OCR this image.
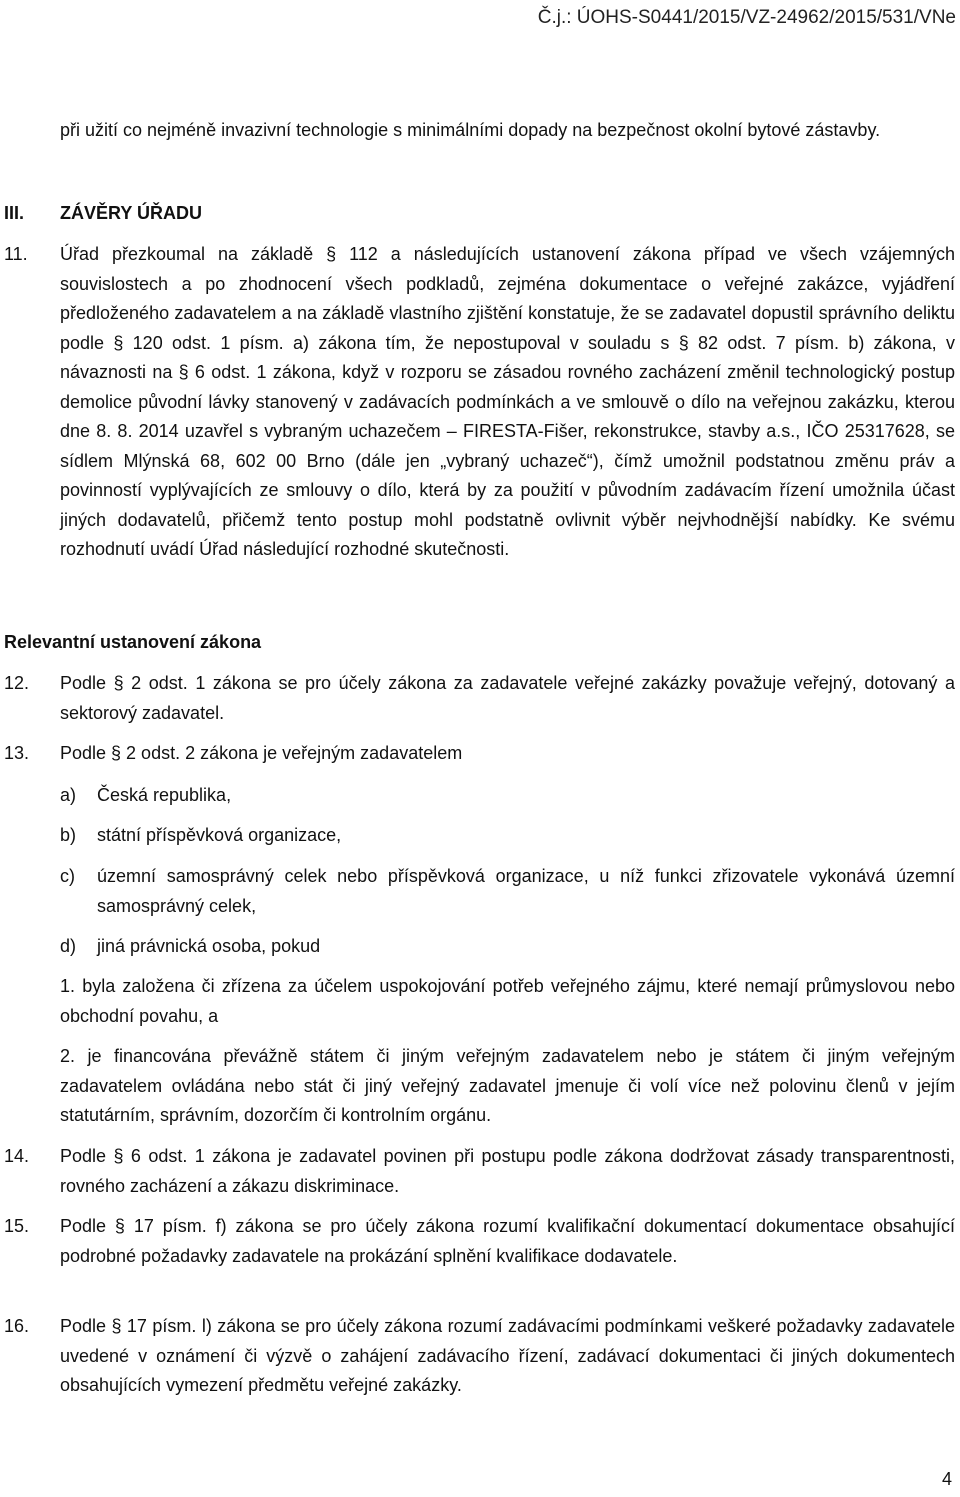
Č.j.: ÚOHS-S0441/2015/VZ-24962/2015/531/VNe
při užití co nejméně invazivní technologie s minimálními dopady na bezpečnost okolní bytové zástavby.
III. ZÁVĚRY ÚŘADU
11. Úřad přezkoumal na základě § 112 a následujících ustanovení zákona případ ve všech vzájemných souvislostech a po zhodnocení všech podkladů, zejména dokumentace o veřejné zakázce, vyjádření předloženého zadavatelem a na základě vlastního zjištění konstatuje, že se zadavatel dopustil správního deliktu podle § 120 odst. 1 písm. a) zákona tím, že nepostupoval v souladu s § 82 odst. 7 písm. b) zákona, v návaznosti na § 6 odst. 1 zákona, když v rozporu se zásadou rovného zacházení změnil technologický postup demolice původní lávky stanovený v zadávacích podmínkách a ve smlouvě o dílo na veřejnou zakázku, kterou dne 8. 8. 2014 uzavřel s vybraným uchazečem – FIRESTA-Fišer, rekonstrukce, stavby a.s., IČO 25317628, se sídlem Mlýnská 68, 602 00 Brno (dále jen „vybraný uchazeč“), čímž umožnil podstatnou změnu práv a povinností vyplývajících ze smlouvy o dílo, která by za použití v původním zadávacím řízení umožnila účast jiných dodavatelů, přičemž tento postup mohl podstatně ovlivnit výběr nejvhodnější nabídky. Ke svému rozhodnutí uvádí Úřad následující rozhodné skutečnosti.
Relevantní ustanovení zákona
12. Podle § 2 odst. 1 zákona se pro účely zákona za zadavatele veřejné zakázky považuje veřejný, dotovaný a sektorový zadavatel.
13. Podle § 2 odst. 2 zákona je veřejným zadavatelem
a) Česká republika,
b) státní příspěvková organizace,
c) územní samosprávný celek nebo příspěvková organizace, u níž funkci zřizovatele vykonává územní samosprávný celek,
d) jiná právnická osoba, pokud
1. byla založena či zřízena za účelem uspokojování potřeb veřejného zájmu, které nemají průmyslovou nebo obchodní povahu, a
2. je financována převážně státem či jiným veřejným zadavatelem nebo je státem či jiným veřejným zadavatelem ovládána nebo stát či jiný veřejný zadavatel jmenuje či volí více než polovinu členů v jejím statutárním, správním, dozorčím či kontrolním orgánu.
14. Podle § 6 odst. 1 zákona je zadavatel povinen při postupu podle zákona dodržovat zásady transparentnosti, rovného zacházení a zákazu diskriminace.
15. Podle § 17 písm. f) zákona se pro účely zákona rozumí kvalifikační dokumentací dokumentace obsahující podrobné požadavky zadavatele na prokázání splnění kvalifikace dodavatele.
16. Podle § 17 písm. l) zákona se pro účely zákona rozumí zadávacími podmínkami veškeré požadavky zadavatele uvedené v oznámení či výzvě o zahájení zadávacího řízení, zadávací dokumentaci či jiných dokumentech obsahujících vymezení předmětu veřejné zakázky.
4
